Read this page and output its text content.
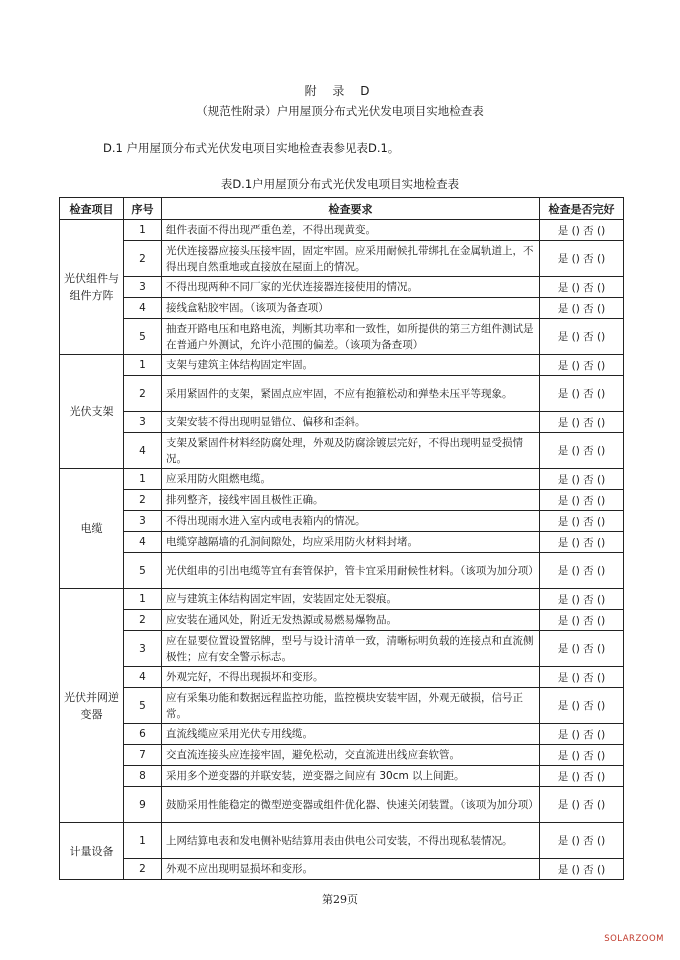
附 录 D
（规范性附录）户用屋顶分布式光伏发电项目实地检查表
D.1 户用屋顶分布式光伏发电项目实地检查表参见表D.1。
表D.1户用屋顶分布式光伏发电项目实地检查表
检查项目	序号	检查要求	检查是否完好
光伏组件与组件方阵	1	组件表面不得出现严重色差，不得出现黄变。	是 () 否 ()
	2	光伏连接器应接头压接牢固，固定牢固。应采用耐候扎带绑扎在金属轨道上，不得出现自然重地或直接放在屋面上的情况。	是 () 否 ()
	3	不得出现两种不同厂家的光伏连接器连接使用的情况。	是 () 否 ()
	4	接线盒粘胶牢固。（该项为备查项）	是 () 否 ()
	5	抽查开路电压和电路电流，判断其功率和一致性，如所提供的第三方组件测试是在普通户外测试，允许小范围的偏差。（该项为备查项）	是 () 否 ()
光伏支架	1	支架与建筑主体结构固定牢固。	是 () 否 ()
	2	采用紧固件的支架，紧固点应牢固，不应有抱箍松动和弹垫未压平等现象。	是 () 否 ()
	3	支架安装不得出现明显错位、偏移和歪斜。	是 () 否 ()
	4	支架及紧固件材料经防腐处理，外观及防腐涂镀层完好，不得出现明显受损情况。	是 () 否 ()
电缆	1	应采用防火阻燃电缆。	是 () 否 ()
	2	排列整齐，接线牢固且极性正确。	是 () 否 ()
	3	不得出现雨水进入室内或电表箱内的情况。	是 () 否 ()
	4	电缆穿越隔墙的孔洞间隙处，均应采用防火材料封堵。	是 () 否 ()
	5	光伏组串的引出电缆等宜有套管保护，管卡宜采用耐候性材料。（该项为加分项）	是 () 否 ()
光伏并网逆变器	1	应与建筑主体结构固定牢固，安装固定处无裂痕。	是 () 否 ()
	2	应安装在通风处，附近无发热源或易燃易爆物品。	是 () 否 ()
	3	应在显要位置设置铭牌，型号与设计清单一致，清晰标明负载的连接点和直流侧极性；应有安全警示标志。	是 () 否 ()
	4	外观完好，不得出现损坏和变形。	是 () 否 ()
	5	应有采集功能和数据远程监控功能，监控模块安装牢固，外观无破损，信号正常。	是 () 否 ()
	6	直流线缆应采用光伏专用线缆。	是 () 否 ()
	7	交直流连接头应连接牢固，避免松动，交直流进出线应套软管。	是 () 否 ()
	8	采用多个逆变器的并联安装，逆变器之间应有 30cm 以上间距。	是 () 否 ()
	9	鼓励采用性能稳定的微型逆变器或组件优化器、快速关闭装置。（该项为加分项）	是 () 否 ()
计量设备	1	上网结算电表和发电侧补贴结算用表由供电公司安装，不得出现私装情况。	是 () 否 ()
	2	外观不应出现明显损坏和变形。	是 () 否 ()
第29页
SOLARZOOM
